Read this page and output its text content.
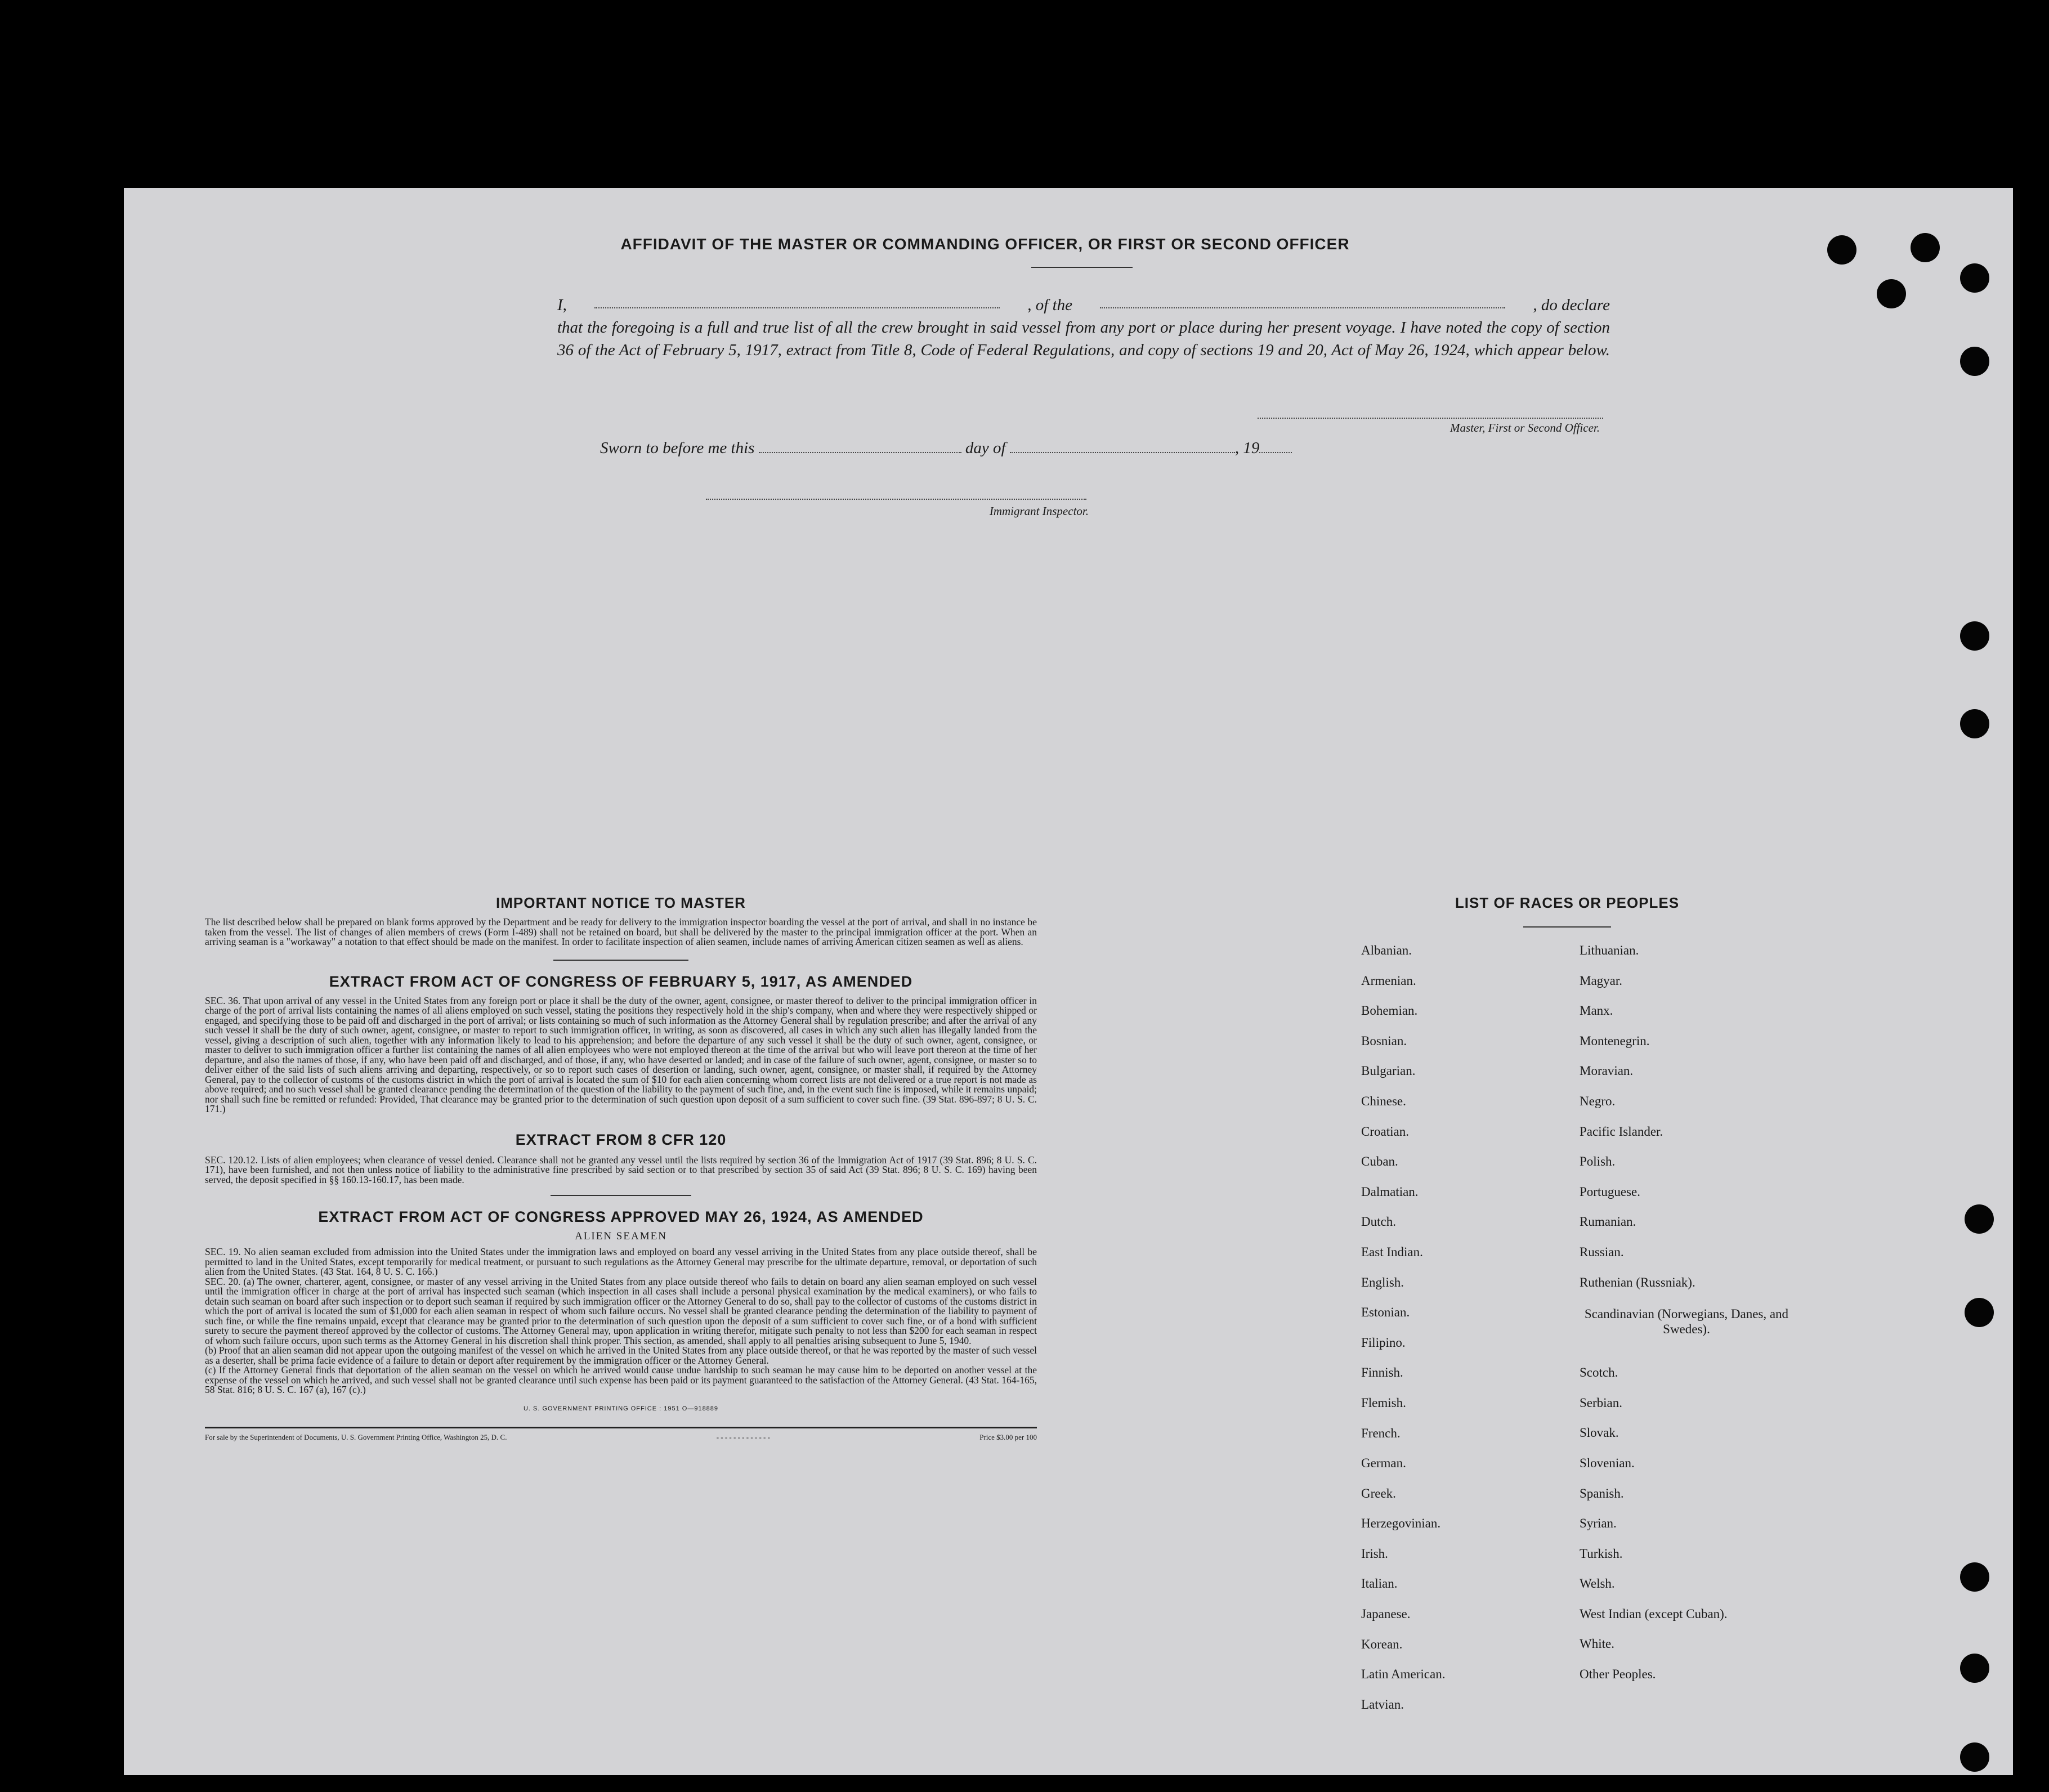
AFFIDAVIT OF THE MASTER OR COMMANDING OFFICER, OR FIRST OR SECOND OFFICER
I,	, of the	, do declare
that the foregoing is a full and true list of all the crew brought in said vessel from any port or place during her present voyage. I have noted the copy of section 36 of the Act of February 5, 1917, extract from Title 8, Code of Federal Regulations, and copy of sections 19 and 20, Act of May 26, 1924, which appear below.
Master, First or Second Officer.
Sworn to before me this	day of	, 19
Immigrant Inspector.
IMPORTANT NOTICE TO MASTER
The list described below shall be prepared on blank forms approved by the Department and be ready for delivery to the immigration inspector boarding the vessel at the port of arrival, and shall in no instance be taken from the vessel. The list of changes of alien members of crews (Form I-489) shall not be retained on board, but shall be delivered by the master to the principal immigration officer at the port. When an arriving seaman is a "workaway" a notation to that effect should be made on the manifest. In order to facilitate inspection of alien seamen, include names of arriving American citizen seamen as well as aliens.
EXTRACT FROM ACT OF CONGRESS OF FEBRUARY 5, 1917, AS AMENDED
SEC. 36. That upon arrival of any vessel in the United States from any foreign port or place it shall be the duty of the owner, agent, consignee, or master thereof to deliver to the principal immigration officer in charge of the port of arrival lists containing the names of all aliens employed on such vessel, stating the positions they respectively hold in the ship's company, when and where they were respectively shipped or engaged, and specifying those to be paid off and discharged in the port of arrival; or lists containing so much of such information as the Attorney General shall by regulation prescribe; and after the arrival of any such vessel it shall be the duty of such owner, agent, consignee, or master to report to such immigration officer, in writing, as soon as discovered, all cases in which any such alien has illegally landed from the vessel, giving a description of such alien, together with any information likely to lead to his apprehension; and before the departure of any such vessel it shall be the duty of such owner, agent, consignee, or master to deliver to such immigration officer a further list containing the names of all alien employees who were not employed thereon at the time of the arrival but who will leave port thereon at the time of her departure, and also the names of those, if any, who have been paid off and discharged, and of those, if any, who have deserted or landed; and in case of the failure of such owner, agent, consignee, or master so to deliver either of the said lists of such aliens arriving and departing, respectively, or so to report such cases of desertion or landing, such owner, agent, consignee, or master shall, if required by the Attorney General, pay to the collector of customs of the customs district in which the port of arrival is located the sum of $10 for each alien concerning whom correct lists are not delivered or a true report is not made as above required; and no such vessel shall be granted clearance pending the determination of the question of the liability to the payment of such fine, and, in the event such fine is imposed, while it remains unpaid; nor shall such fine be remitted or refunded: Provided, That clearance may be granted prior to the determination of such question upon deposit of a sum sufficient to cover such fine. (39 Stat. 896-897; 8 U. S. C. 171.)
EXTRACT FROM 8 CFR 120
SEC. 120.12. Lists of alien employees; when clearance of vessel denied. Clearance shall not be granted any vessel until the lists required by section 36 of the Immigration Act of 1917 (39 Stat. 896; 8 U. S. C. 171), have been furnished, and not then unless notice of liability to the administrative fine prescribed by said section or to that prescribed by section 35 of said Act (39 Stat. 896; 8 U. S. C. 169) having been served, the deposit specified in §§ 160.13-160.17, has been made.
EXTRACT FROM ACT OF CONGRESS APPROVED MAY 26, 1924, AS AMENDED
ALIEN SEAMEN
SEC. 19. No alien seaman excluded from admission into the United States under the immigration laws and employed on board any vessel arriving in the United States from any place outside thereof, shall be permitted to land in the United States, except temporarily for medical treatment, or pursuant to such regulations as the Attorney General may prescribe for the ultimate departure, removal, or deportation of such alien from the United States. (43 Stat. 164, 8 U. S. C. 166.)
SEC. 20. (a) The owner, charterer, agent, consignee, or master of any vessel arriving in the United States from any place outside thereof who fails to detain on board any alien seaman employed on such vessel until the immigration officer in charge at the port of arrival has inspected such seaman (which inspection in all cases shall include a personal physical examination by the medical examiners), or who fails to detain such seaman on board after such inspection or to deport such seaman if required by such immigration officer or the Attorney General to do so, shall pay to the collector of customs of the customs district in which the port of arrival is located the sum of $1,000 for each alien seaman in respect of whom such failure occurs. No vessel shall be granted clearance pending the determination of the liability to payment of such fine, or while the fine remains unpaid, except that clearance may be granted prior to the determination of such question upon the deposit of a sum sufficient to cover such fine, or of a bond with sufficient surety to secure the payment thereof approved by the collector of customs. The Attorney General may, upon application in writing therefor, mitigate such penalty to not less than $200 for each seaman in respect of whom such failure occurs, upon such terms as the Attorney General in his discretion shall think proper. This section, as amended, shall apply to all penalties arising subsequent to June 5, 1940.
(b) Proof that an alien seaman did not appear upon the outgoing manifest of the vessel on which he arrived in the United States from any place outside thereof, or that he was reported by the master of such vessel as a deserter, shall be prima facie evidence of a failure to detain or deport after requirement by the immigration officer or the Attorney General.
(c) If the Attorney General finds that deportation of the alien seaman on the vessel on which he arrived would cause undue hardship to such seaman he may cause him to be deported on another vessel at the expense of the vessel on which he arrived, and such vessel shall not be granted clearance until such expense has been paid or its payment guaranteed to the satisfaction of the Attorney General. (43 Stat. 164-165, 58 Stat. 816; 8 U. S. C. 167 (a), 167 (c).)
U. S. GOVERNMENT PRINTING OFFICE : 1951 O—918889
For sale by the Superintendent of Documents, U. S. Government Printing Office, Washington 25, D. C.	- - - - - - - - - - - - -	Price $3.00 per 100
LIST OF RACES OR PEOPLES
Albanian.
Armenian.
Bohemian.
Bosnian.
Bulgarian.
Chinese.
Croatian.
Cuban.
Dalmatian.
Dutch.
East Indian.
English.
Estonian.
Filipino.
Finnish.
Flemish.
French.
German.
Greek.
Herzegovinian.
Irish.
Italian.
Japanese.
Korean.
Latin American.
Latvian.
Lithuanian.
Magyar.
Manx.
Montenegrin.
Moravian.
Negro.
Pacific Islander.
Polish.
Portuguese.
Rumanian.
Russian.
Ruthenian (Russniak).
Scandinavian (Norwegians, Danes, and Swedes).
Scotch.
Serbian.
Slovak.
Slovenian.
Spanish.
Syrian.
Turkish.
Welsh.
West Indian (except Cuban).
White.
Other Peoples.
